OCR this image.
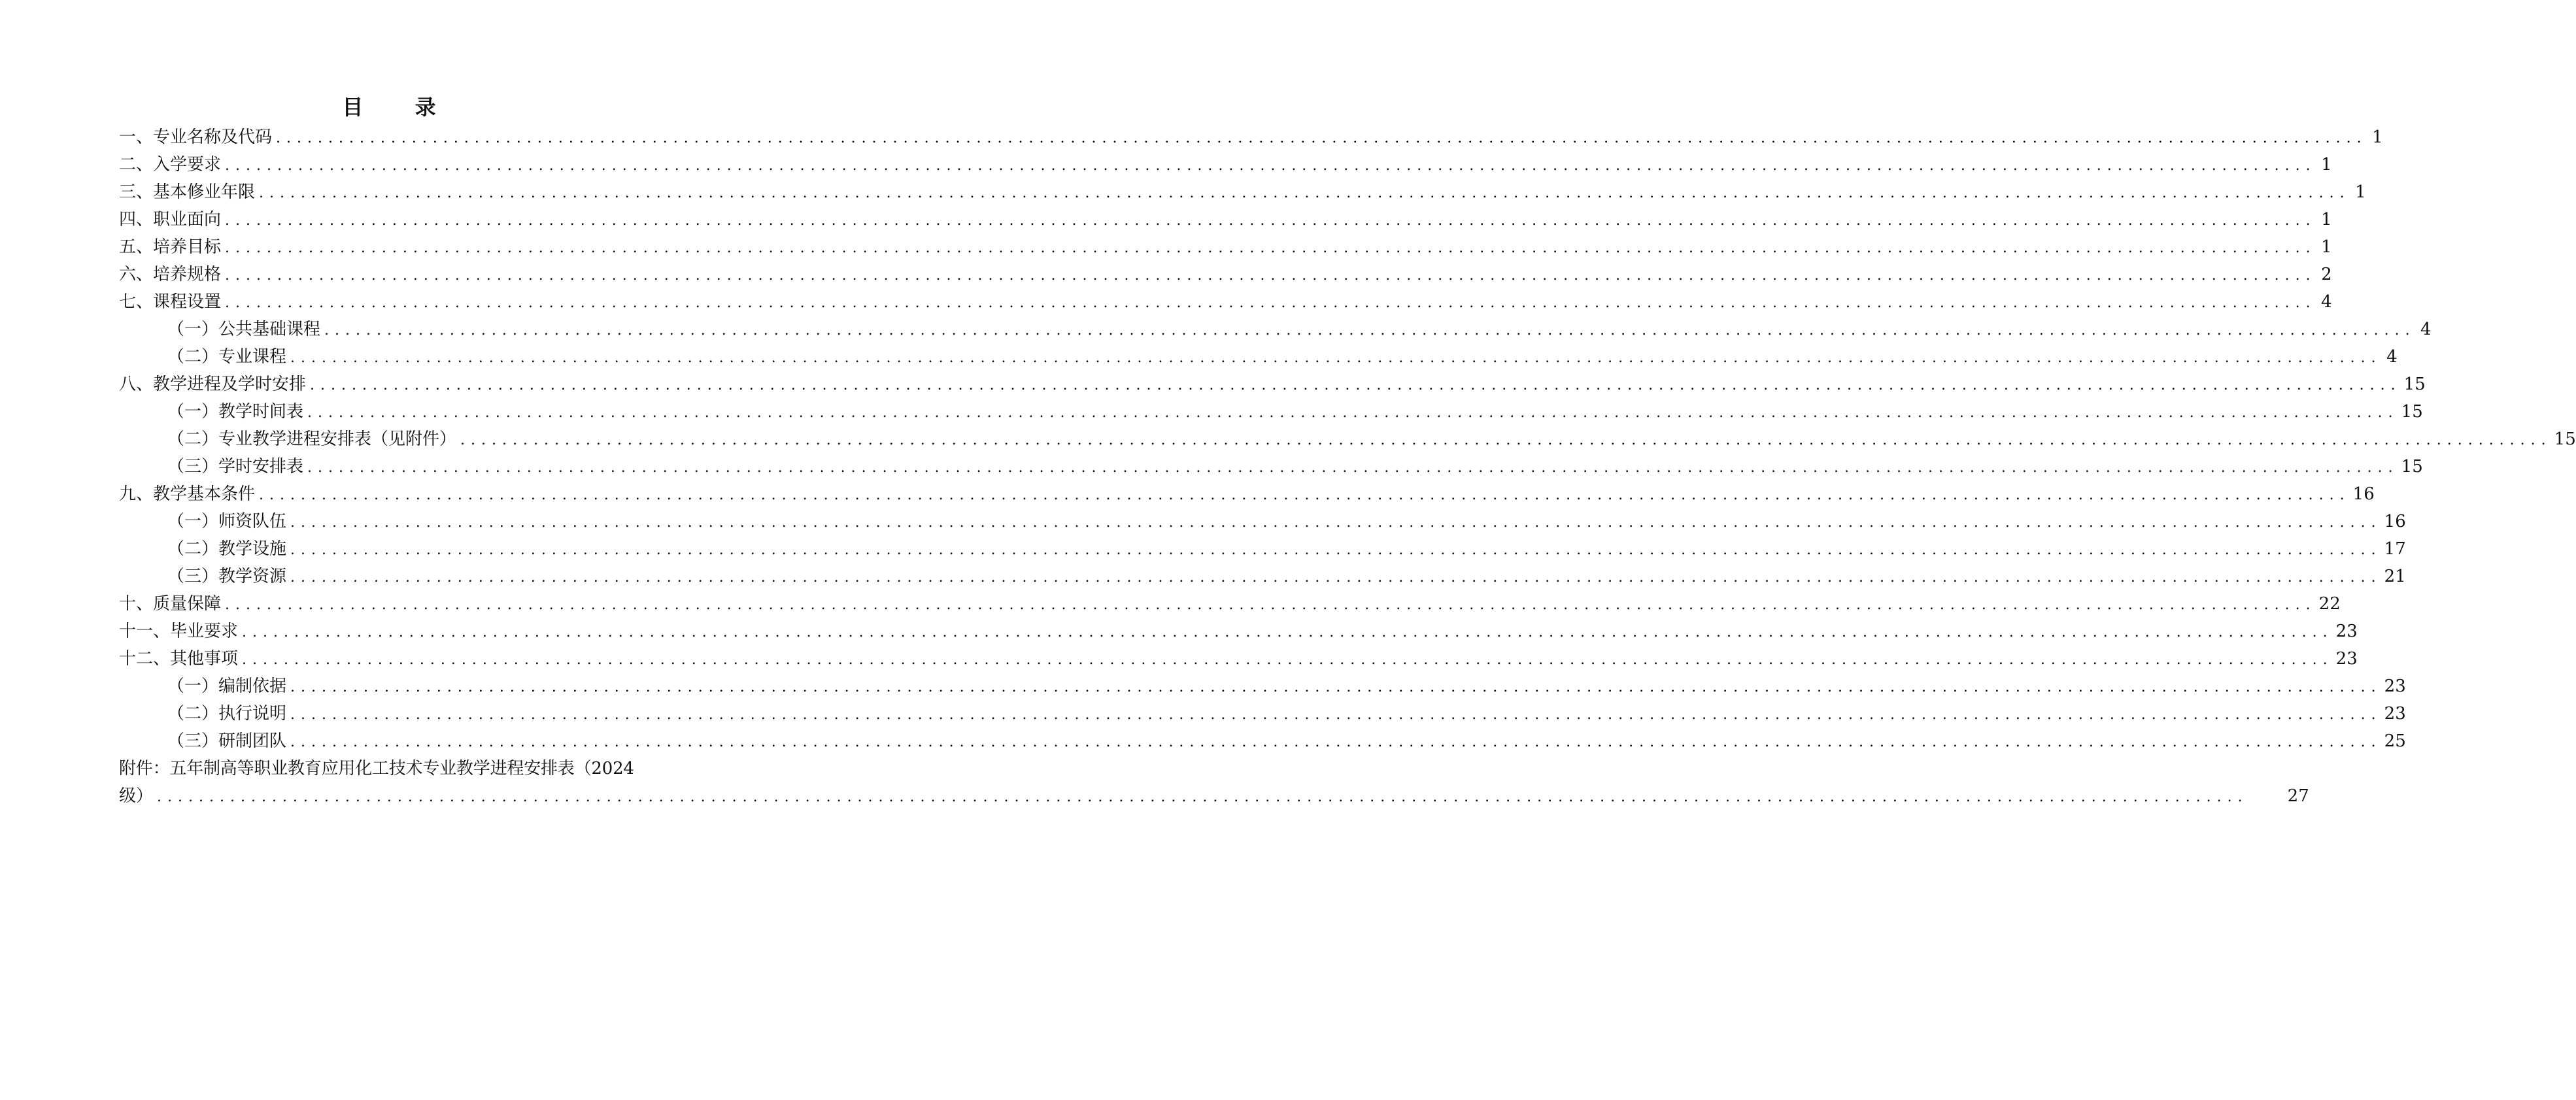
目 录
一、专业名称及代码 ........................................................................................................................................................................................................ 1
二、入学要求 ........................................................................................................................................................................................................ 1
三、基本修业年限 ........................................................................................................................................................................................................ 1
四、职业面向 ........................................................................................................................................................................................................ 1
五、培养目标 ........................................................................................................................................................................................................ 1
六、培养规格 ........................................................................................................................................................................................................ 2
七、课程设置 ........................................................................................................................................................................................................ 4
（一）公共基础课程 ........................................................................................................................................................................................................ 4
（二）专业课程 ........................................................................................................................................................................................................ 4
八、教学进程及学时安排 ........................................................................................................................................................................................................ 15
（一）教学时间表 ........................................................................................................................................................................................................ 15
（二）专业教学进程安排表（见附件） ........................................................................................................................................................................................................ 15
（三）学时安排表 ........................................................................................................................................................................................................ 15
九、教学基本条件 ........................................................................................................................................................................................................ 16
（一）师资队伍 ........................................................................................................................................................................................................ 16
（二）教学设施 ........................................................................................................................................................................................................ 17
（三）教学资源 ........................................................................................................................................................................................................ 21
十、质量保障 ........................................................................................................................................................................................................ 22
十一、毕业要求 ........................................................................................................................................................................................................ 23
十二、其他事项 ........................................................................................................................................................................................................ 23
（一）编制依据 ........................................................................................................................................................................................................ 23
（二）执行说明 ........................................................................................................................................................................................................ 23
（三）研制团队 ........................................................................................................................................................................................................ 25
附件：五年制高等职业教育应用化工技术专业教学进程安排表（2024
级） ........................................................................................................................................................................................................ 27
